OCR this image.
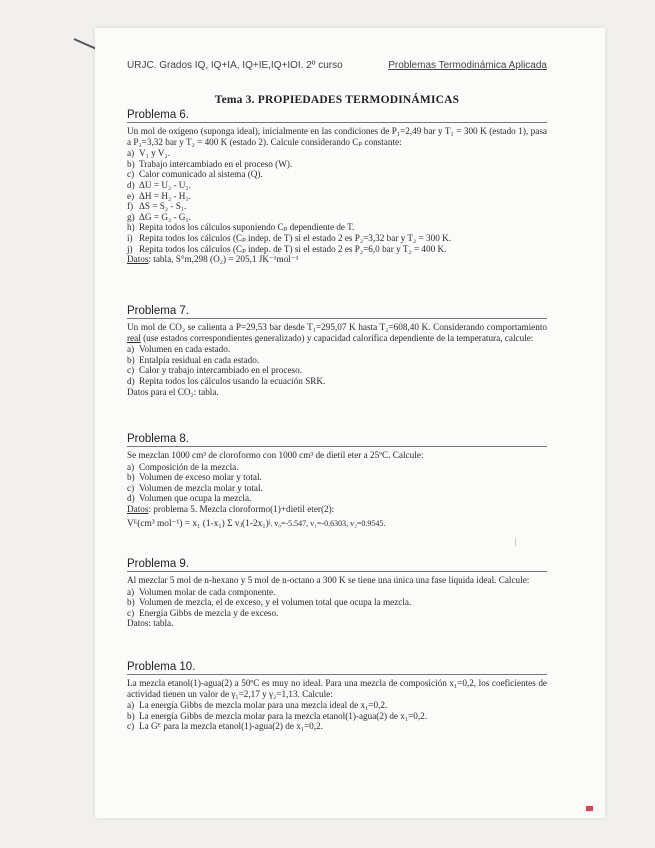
URJC. Grados IQ, IQ+IA, IQ+IE,IQ+IOI. 2º curso	Problemas Termodinámica Aplicada
Tema 3. PROPIEDADES TERMODINÁMICAS
Problema 6.

Un mol de oxígeno (suponga ideal), inicialmente en las condiciones de P₁=2,49 bar y T₁ = 300 K (estado 1), pasa a P₂=3,32 bar y T₂ = 400 K (estado 2). Calcule considerando Cₚ constante:

a) V₁ y V₂.
b) Trabajo intercambiado en el proceso (W).
c) Calor comunicado al sistema (Q).
d) ΔU = U₂ - U₁.
e) ΔH = H₂ - H₁.
f) ΔS = S₂ - S₁.
g) ΔG = G₂ - G₁.
h) Repita todos los cálculos suponiendo Cₚ dependiente de T.
i) Repita todos los cálculos (Cₚ indep. de T) si el estado 2 es P₂=3,32 bar y T₂ = 300 K.
j) Repita todos los cálculos (Cₚ indep. de T) si el estado 2 es P₂=6,0 bar y T₂ = 400 K.
Datos: tabla, S°m,298 (O₂) = 205,1 JK⁻¹mol⁻¹
Problema 7.

Un mol de CO₂ se calienta a P=29,53 bar desde T₁=295,07 K hasta T₂=608,40 K. Considerando comportamiento real (use estados correspondientes generalizado) y capacidad calorífica dependiente de la temperatura, calcule:

a) Volumen en cada estado.
b) Entalpía residual en cada estado.
c) Calor y trabajo intercambiado en el proceso.
d) Repita todos los cálculos usando la ecuación SRK.
Datos para el CO₂: tabla.
Problema 8.

Se mezclan 1000 cm³ de cloroformo con 1000 cm³ de dietil eter a 25ºC. Calcule:

a) Composición de la mezcla.
b) Volumen de exceso molar y total.
c) Volumen de mezcla molar y total.
d) Volumen que ocupa la mezcla.
Datos: problema 5. Mezcla cloroformo(1)+dietil eter(2):
Vᴱ(cm³ mol⁻¹) = x₁ (1-x₁) Σ vⱼ(1-2x₁)ʲ. v₀=-5.547, v₁=-0.6303, v₂=0.9545.
Problema 9.

Al mezclar 5 mol de n-hexano y 5 mol de n-octano a 300 K se tiene una única una fase líquida ideal. Calcule:

a) Volumen molar de cada componente.
b) Volumen de mezcla, el de exceso, y el volumen total que ocupa la mezcla.
c) Energía Gibbs de mezcla y de exceso.
Datos: tabla.
Problema 10.

La mezcla etanol(1)-agua(2) a 50ºC es muy no ideal. Para una mezcla de composición x₁=0,2, los coeficientes de actividad tienen un valor de γ₁=2,17 y γ₂=1,13. Calcule:

a) La energía Gibbs de mezcla molar para una mezcla ideal de x₁=0,2.
b) La energía Gibbs de mezcla molar para la mezcla etanol(1)-agua(2) de x₁=0,2.
c) La Gᴱ para la mezcla etanol(1)-agua(2) de x₁=0,2.
